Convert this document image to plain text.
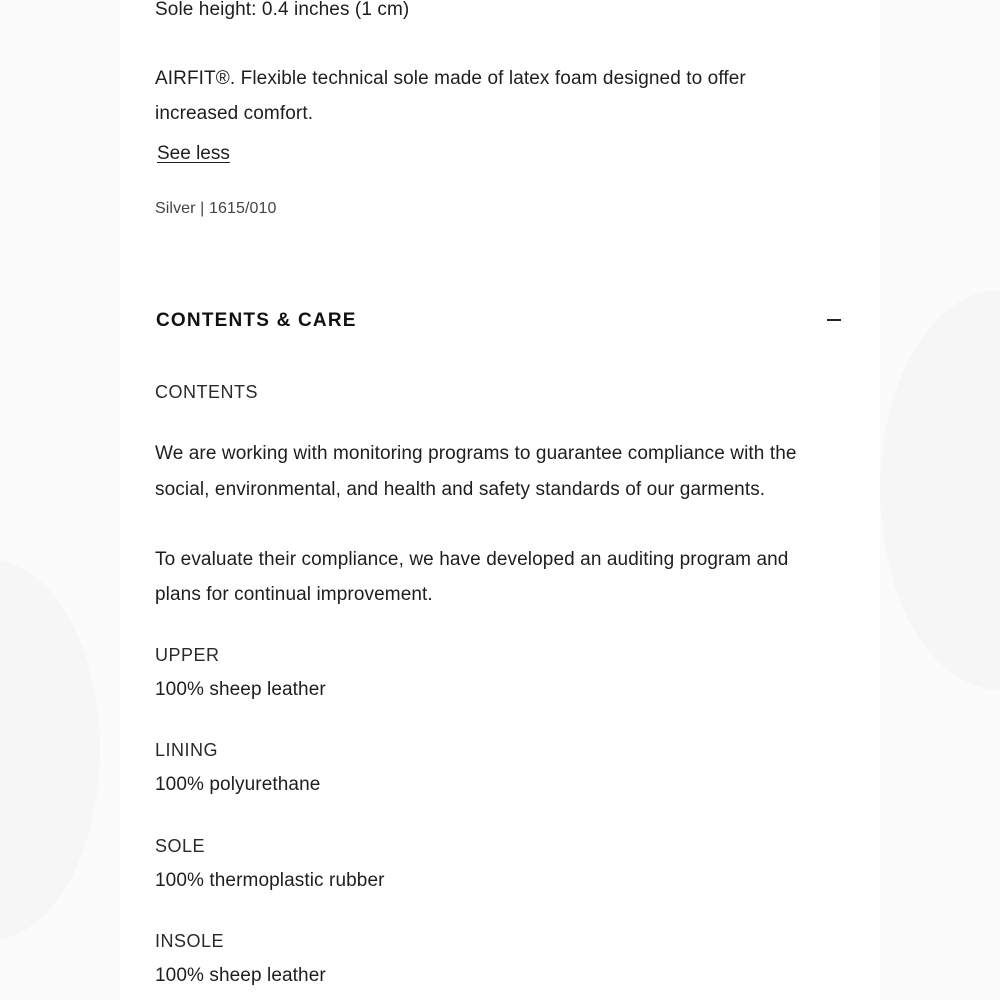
Sole height: 0.4 inches (1 cm)

AIRFIT®. Flexible technical sole made of latex foam designed to offer

increased comfort.

See less

Silver | 1615/010

CONTENTS & CARE

CONTENTS

We are working with monitoring programs to guarantee compliance with the

social, environmental, and health and safety standards of our garments.

To evaluate their compliance, we have developed an auditing program and

plans for continual improvement.

UPPER

100% sheep leather

LINING

100% polyurethane

SOLE

100% thermoplastic rubber

INSOLE

100% sheep leather
